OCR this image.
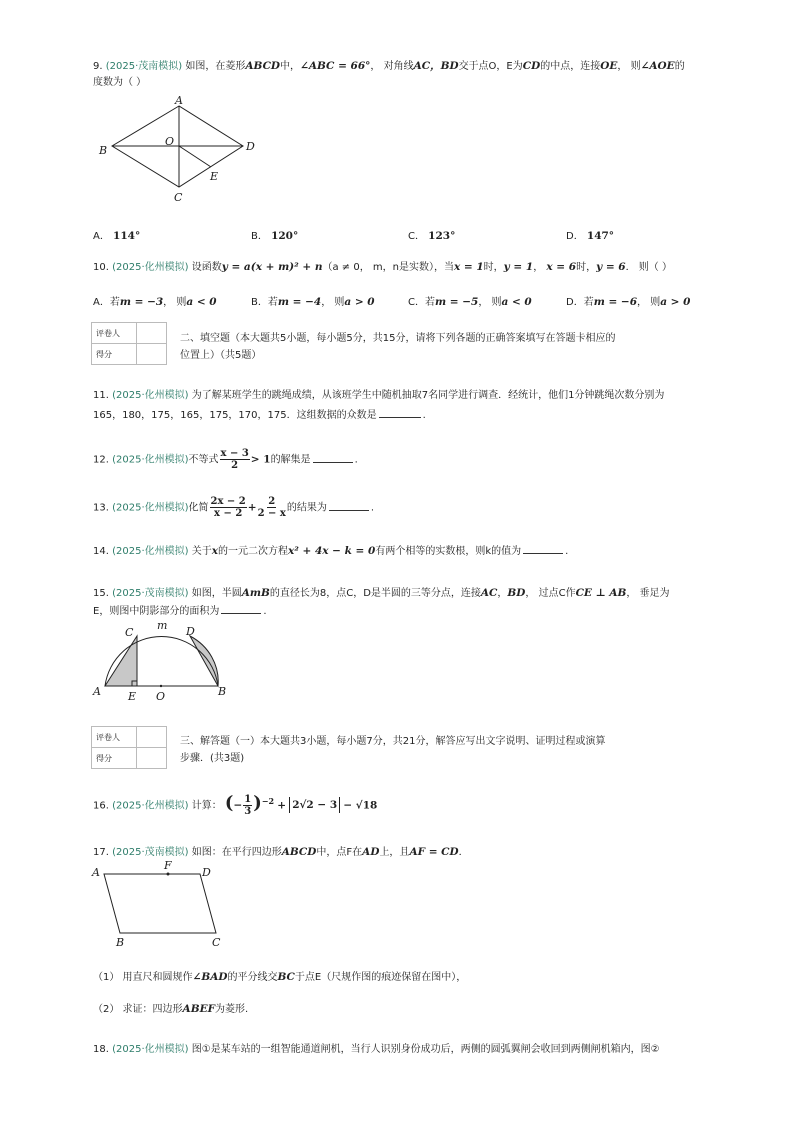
9. (2025·茂南模拟) 如图，在菱形ABCD中，∠ABC = 66°， 对角线AC，BD交于点O，E为CD的中点，连接OE， 则∠AOE的
度数为（ ）
A
B
C
D
O
E
A． 114°	B． 120°	C． 123°	D． 147°
10. (2025·化州模拟) 设函数y = a(x + m)² + n（a ≠ 0， m，n是实数），当x = 1时，y = 1， x = 6时，y = 6． 则（ ）
A．若m = −3， 则a < 0	B．若m = −4， 则a > 0	C．若m = −5， 则a < 0	D．若m = −6， 则a > 0
评卷人	
得分	
二、填空题（本大题共5小题，每小题5分，共15分，请将下列各题的正确答案填写在答题卡相应的
位置上）（共5题）
11. (2025·化州模拟) 为了解某班学生的跳绳成绩，从该班学生中随机抽取7名同学进行调查．经统计，他们1分钟跳绳次数分别为
165，180，175，165，175，170，175．这组数据的众数是	.
12. (2025·化州模拟)不等式 $\frac{x - 3}{2} > 1$的解集是	.
13. (2025·化州模拟)化简 $\frac{2x - 2}{x - 2} + \frac{2}{2 - x}$ 的结果为	.
14. (2025·化州模拟) 关于x的一元二次方程x² + 4x − k = 0有两个相等的实数根，则k的值为	.
15. (2025·茂南模拟) 如图，半圆AmB的直径长为8，点C，D是半圆的三等分点，连接AC，BD， 过点C作CE ⊥ AB， 垂足为
E，则图中阴影部分的面积为	.
A	B
C	D
E O
m
评卷人	
得分	
三、解答题（一）本大题共3小题，每小题7分，共21分，解答应写出文字说明、证明过程或演算
步骤．(共3题)
16. (2025·化州模拟) 计算： (− $\frac{1}{3} )^{-2} + 2√2 - 3 - √18$
17. (2025·茂南模拟) 如图：在平行四边形ABCD中，点F在AD上，且AF = CD．
A
F
D
B	C
（1） 用直尺和圆规作∠BAD的平分线交BC于点E（尺规作图的痕迹保留在图中），
（2） 求证：四边形ABEF为菱形.
18. (2025·化州模拟) 图①是某车站的一组智能通道闸机，当行人识别身份成功后，两侧的圆弧翼闸会收回到两侧闸机箱内，图②
